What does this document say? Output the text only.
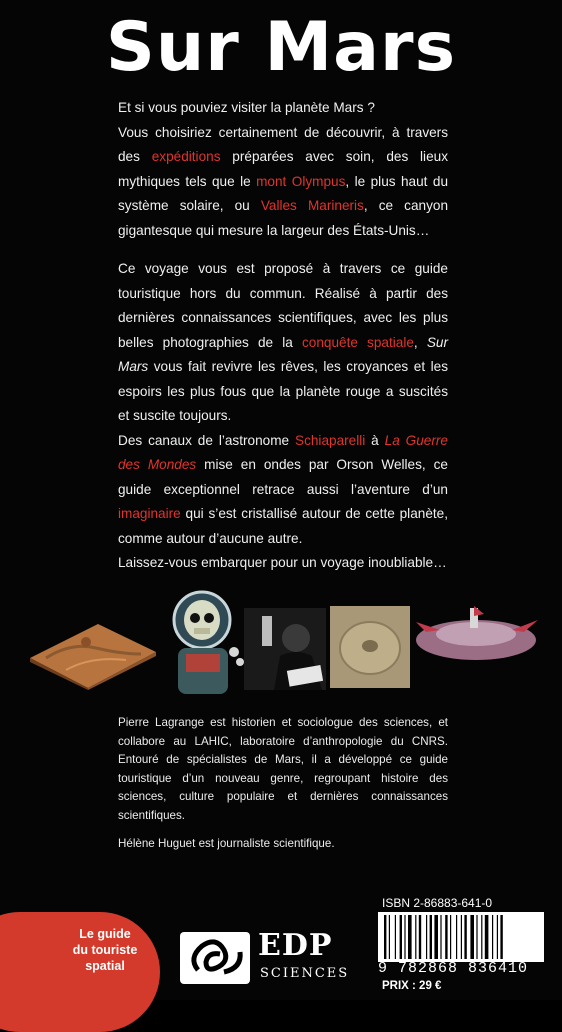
Sur Mars

Et si vous pouviez visiter la planète Mars ?
Vous choisiriez certainement de découvrir, à travers des expéditions préparées avec soin, des lieux mythiques tels que le mont Olympus, le plus haut du système solaire, ou Valles Marineris, ce canyon gigantesque qui mesure la largeur des États-Unis…

Ce voyage vous est proposé à travers ce guide touristique hors du commun. Réalisé à partir des dernières connaissances scientifiques, avec les plus belles photographies de la conquête spatiale, Sur Mars vous fait revivre les rêves, les croyances et les espoirs les plus fous que la planète rouge a suscités et suscite toujours.

Des canaux de l’astronome Schiaparelli à La Guerre des Mondes mise en ondes par Orson Welles, ce guide exceptionnel retrace aussi l’aventure d’un imaginaire qui s’est cristallisé autour de cette planète, comme autour d’aucune autre.

Laissez-vous embarquer pour un voyage inoubliable…

Pierre Lagrange est historien et sociologue des sciences, et collabore au LAHIC, laboratoire d’anthropologie du CNRS. Entouré de spécialistes de Mars, il a développé ce guide touristique d’un nouveau genre, regroupant histoire des sciences, culture populaire et dernières connaissances scientifiques.

Hélène Huguet est journaliste scientifique.

Le guide
du touriste
spatial
EDP
SCIENCES
ISBN 2-86883-641-0
9 782868 836410
PRIX : 29 €
